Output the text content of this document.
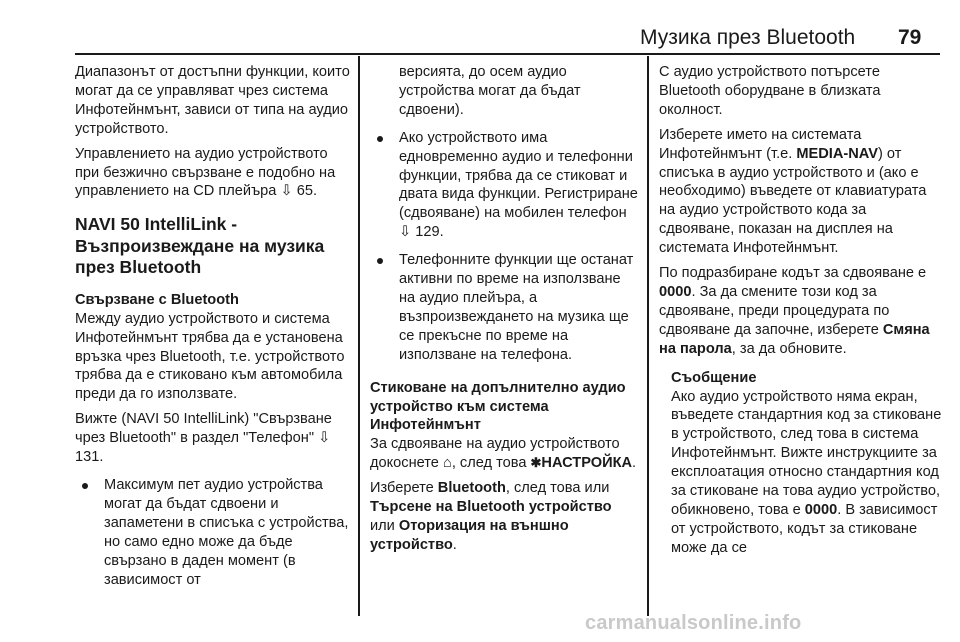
Музика през Bluetooth 79

Диапазонът от достъпни функции, които могат да се управляват чрез система Инфотейнмънт, зависи от типа на аудио устройството.

Управлението на аудио устройството при безжично свързване е подобно на управлението на CD плейъра ⇩ 65.

NAVI 50 IntelliLink - Възпроизвеждане на музика през Bluetooth
Свързване с Bluetooth

Между аудио устройството и система Инфотейнмънт трябва да е установена връзка чрез Bluetooth, т.е. устройството трябва да е стиковано към автомобила преди да го използвате.

Вижте (NAVI 50 IntelliLink) "Свързване чрез Bluetooth" в раздел "Телефон" ⇩ 131.

Максимум пет аудио устройства могат да бъдат сдвоени и запаметени в списъка с устройства, но само едно може да бъде свързано в даден момент (в зависимост от

версията, до осем аудио устройства могат да бъдат сдвоени).

Ако устройството има едновременно аудио и телефонни функции, трябва да се стиковат и двата вида функции. Регистриране (сдвояване) на мобилен телефон ⇩ 129.
Телефонните функции ще останат активни по време на използване на аудио плейъра, а възпроизвеждането на музика ще се прекъсне по време на използване на телефона.
Стиковане на допълнително аудио устройство към система Инфотейнмънт

За сдвояване на аудио устройството докоснете ⌂, след това ✱НАСТРОЙКА.

Изберете Bluetooth, след това или Търсене на Bluetooth устройство или Оторизация на външно устройство.

С аудио устройството потърсете Bluetooth оборудване в близката околност.

Изберете името на системата Инфотейнмънт (т.е. MEDIA-NAV) от списъка в аудио устройството и (ако е необходимо) въведете от клавиатурата на аудио устройството кода за сдвояване, показан на дисплея на системата Инфотейнмънт.

По подразбиране кодът за сдвояване е 0000. За да смените този код за сдвояване, преди процедурата по сдвояване да започне, изберете Смяна на парола, за да обновите.

Съобщение

Ако аудио устройството няма екран, въведете стандартния код за стиковане в устройството, след това в система Инфотейнмънт. Вижте инструкциите за експлоатация относно стандартния код за стиковане на това аудио устройство, обикновено, това е 0000. В зависимост от устройството, кодът за стиковане може да се

carmanualsonline.info
